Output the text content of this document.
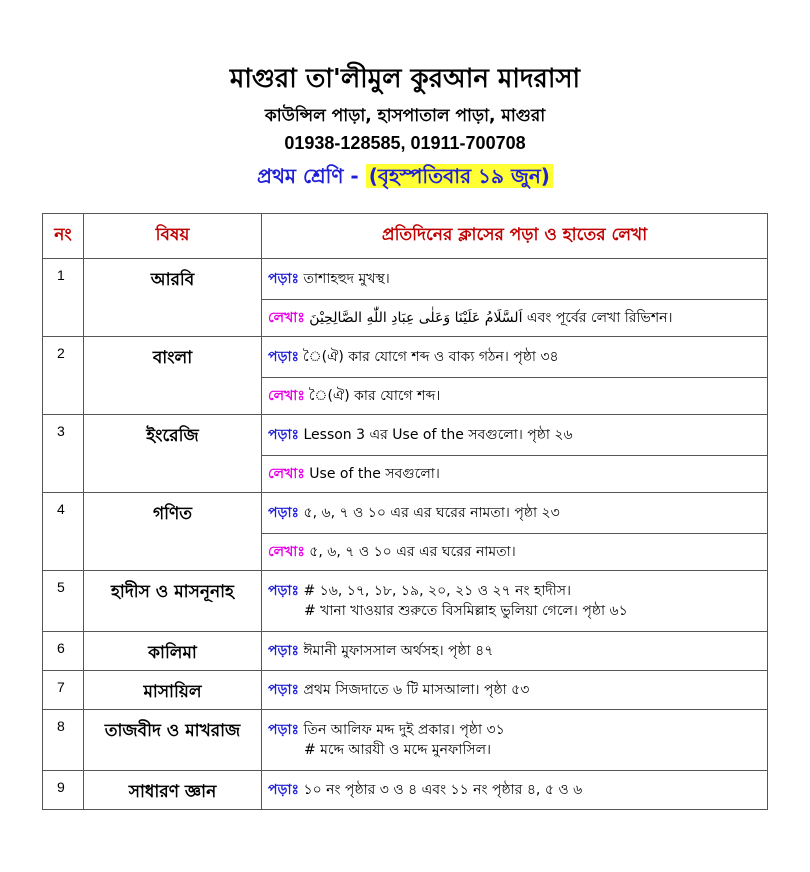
মাগুরা তা'লীমুল কুরআন মাদরাসা
কাউন্সিল পাড়া, হাসপাতাল পাড়া, মাগুরা
01938-128585, 01911-700708
প্রথম শ্রেণি - (বৃহস্পতিবার ১৯ জুন)
নং	বিষয়	প্রতিদিনের ক্লাসের পড়া ও হাতের লেখা
1	আরবি	পড়াঃ তাশাহহুদ মুখস্থ।

		লেখাঃ اَلسَّلَامُ عَلَيْنَا وَعَلٰى عِبَادِ اللّٰهِ الصَّالِحِيْنَ এবং পূর্বের লেখা রিভিশন।

2	বাংলা	পড়াঃ ৈ(ঐ) কার যোগে শব্দ ও বাক্য গঠন। পৃষ্ঠা ৩৪

		লেখাঃ ৈ(ঐ) কার যোগে শব্দ।

3	ইংরেজি	পড়াঃ Lesson 3 এর Use of the সবগুলো। পৃষ্ঠা ২৬

		লেখাঃ Use of the সবগুলো।

4	গণিত	পড়াঃ ৫, ৬, ৭ ও ১০ এর এর ঘরের নামতা। পৃষ্ঠা ২৩

		লেখাঃ ৫, ৬, ৭ ও ১০ এর এর ঘরের নামতা।

5	হাদীস ও মাসনূনাহ	পড়াঃ # ১৬, ১৭, ১৮, ১৯, ২০, ২১ ও ২৭ নং হাদীস।
# খানা খাওয়ার শুরুতে বিসমিল্লাহ ভুলিয়া গেলে। পৃষ্ঠা ৬১

6	কালিমা	পড়াঃ ঈমানী মুফাসসাল অর্থসহ। পৃষ্ঠা ৪৭

7	মাসায়িল	পড়াঃ প্রথম সিজদাতে ৬ টি মাসআলা। পৃষ্ঠা ৫৩

8	তাজবীদ ও মাখরাজ	পড়াঃ তিন আলিফ মদ্দ দুই প্রকার। পৃষ্ঠা ৩১
# মদ্দে আরযী ও মদ্দে মুনফাসিল।

9	সাধারণ জ্ঞান	পড়াঃ ১০ নং পৃষ্ঠার ৩ ও ৪ এবং ১১ নং পৃষ্ঠার ৪, ৫ ও ৬
